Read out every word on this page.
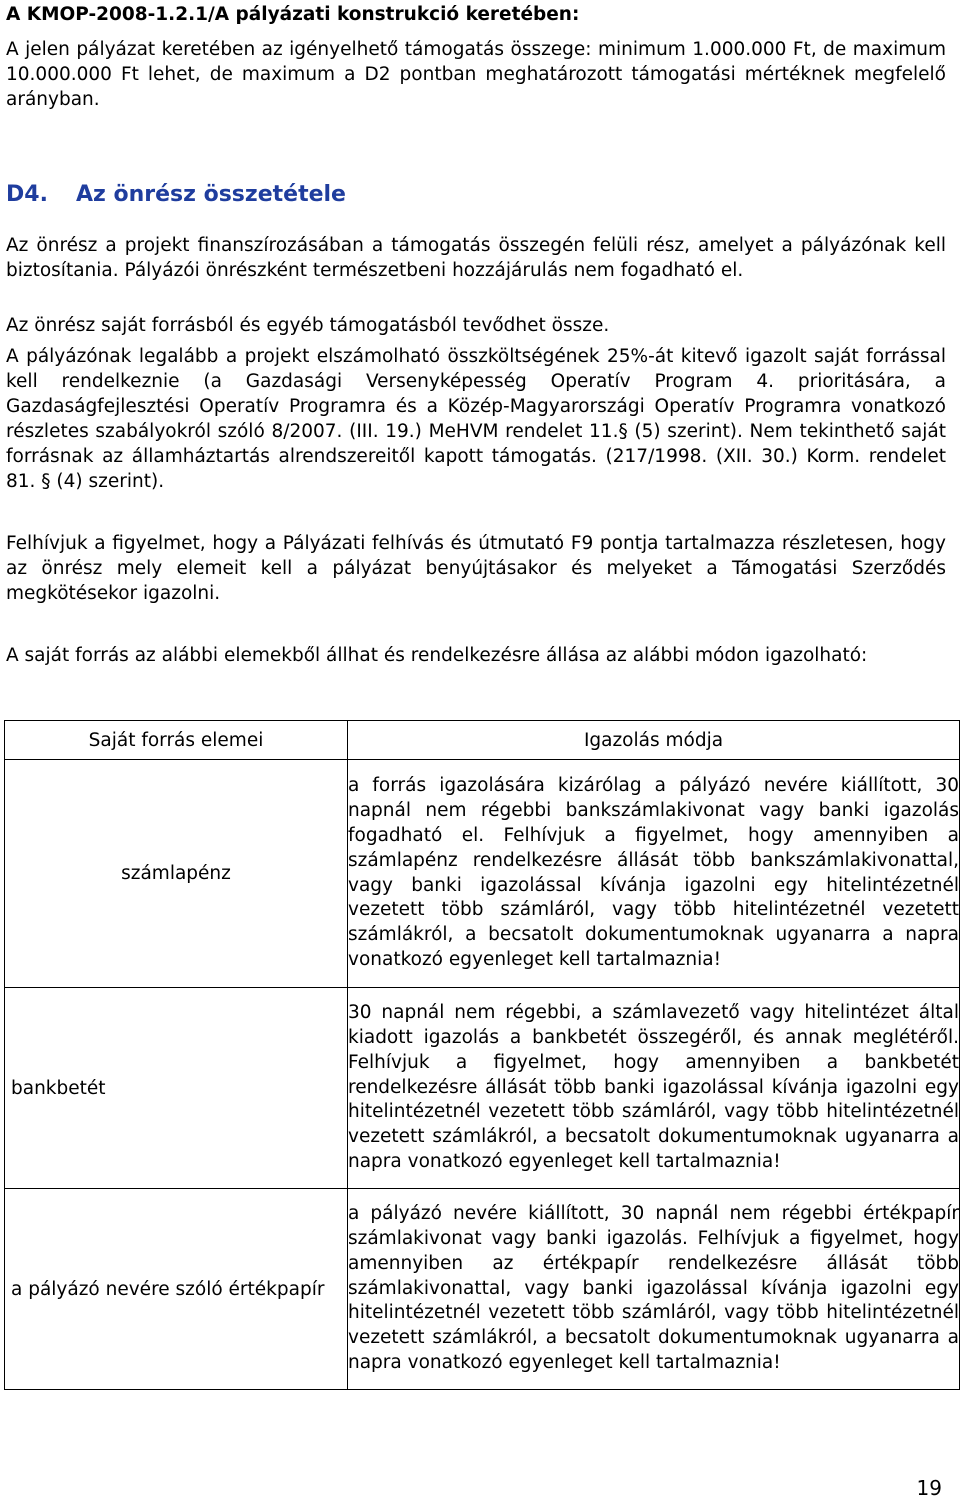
A KMOP-2008-1.2.1/A pályázati konstrukció keretében:

A jelen pályázat keretében az igényelhető támogatás összege: minimum 1.000.000 Ft, de maximum 10.000.000 Ft lehet, de maximum a D2 pontban meghatározott támogatási mértéknek megfelelő arányban.

D4. Az önrész összetétele

Az önrész a projekt finanszírozásában a támogatás összegén felüli rész, amelyet a pályázónak kell biztosítania. Pályázói önrészként természetbeni hozzájárulás nem fogadható el.

Az önrész saját forrásból és egyéb támogatásból tevődhet össze.

A pályázónak legalább a projekt elszámolható összköltségének 25%-át kitevő igazolt saját forrással kell rendelkeznie (a Gazdasági Versenyképesség Operatív Program 4. prioritására, a Gazdaságfejlesztési Operatív Programra és a Közép-Magyarországi Operatív Programra vonatkozó részletes szabályokról szóló 8/2007. (III. 19.) MeHVM rendelet 11.§ (5) szerint). Nem tekinthető saját forrásnak az államháztartás alrendszereitől kapott támogatás. (217/1998. (XII. 30.) Korm. rendelet 81. § (4) szerint).

Felhívjuk a figyelmet, hogy a Pályázati felhívás és útmutató F9 pontja tartalmazza részletesen, hogy az önrész mely elemeit kell a pályázat benyújtásakor és melyeket a Támogatási Szerződés megkötésekor igazolni.

A saját forrás az alábbi elemekből állhat és rendelkezésre állása az alábbi módon igazolható:

Saját forrás elemei	Igazolás módja
számlapénz	a forrás igazolására kizárólag a pályázó nevére kiállított, 30 napnál nem régebbi bankszámlakivonat vagy banki igazolás fogadható el. Felhívjuk a figyelmet, hogy amennyiben a számlapénz rendelkezésre állását több bankszámlakivonattal, vagy banki igazolással kívánja igazolni egy hitelintézetnél vezetett több számláról, vagy több hitelintézetnél vezetett számlákról, a becsatolt dokumentumoknak ugyanarra a napra vonatkozó egyenleget kell tartalmaznia!
bankbetét	30 napnál nem régebbi, a számlavezető vagy hitelintézet által kiadott igazolás a bankbetét összegéről, és annak meglétéről. Felhívjuk a figyelmet, hogy amennyiben a bankbetét rendelkezésre állását több banki igazolással kívánja igazolni egy hitelintézetnél vezetett több számláról, vagy több hitelintézetnél vezetett számlákról, a becsatolt dokumentumoknak ugyanarra a napra vonatkozó egyenleget kell tartalmaznia!
a pályázó nevére szóló értékpapír	a pályázó nevére kiállított, 30 napnál nem régebbi értékpapír számlakivonat vagy banki igazolás. Felhívjuk a figyelmet, hogy amennyiben az értékpapír rendelkezésre állását több számlakivonattal, vagy banki igazolással kívánja igazolni egy hitelintézetnél vezetett több számláról, vagy több hitelintézetnél vezetett számlákról, a becsatolt dokumentumoknak ugyanarra a napra vonatkozó egyenleget kell tartalmaznia!

19
